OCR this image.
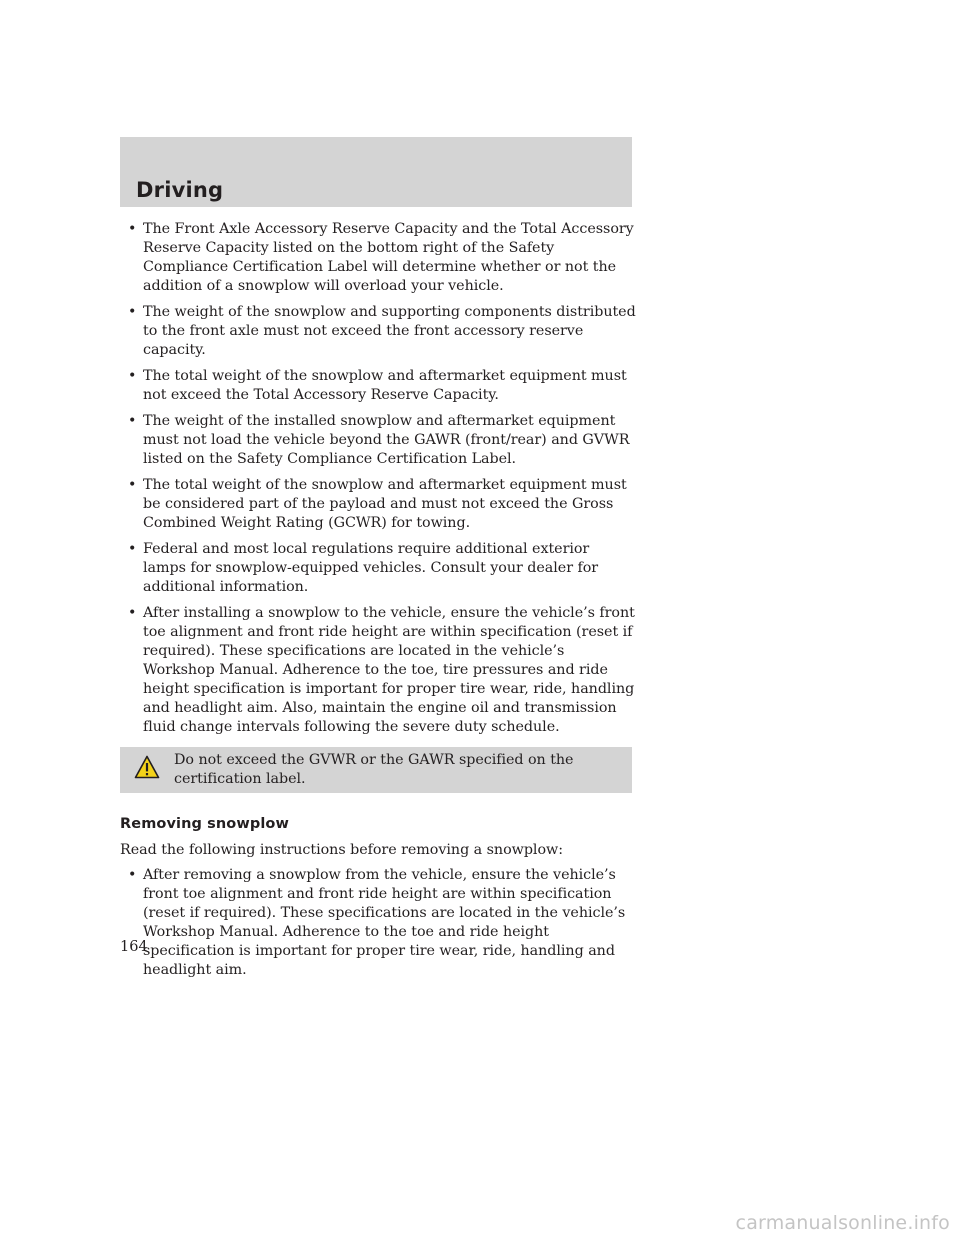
Driving
• The Front Axle Accessory Reserve Capacity and the Total Accessory Reserve Capacity listed on the bottom right of the Safety Compliance Certification Label will determine whether or not the addition of a snowplow will overload your vehicle.
• The weight of the snowplow and supporting components distributed to the front axle must not exceed the front accessory reserve capacity.
• The total weight of the snowplow and aftermarket equipment must not exceed the Total Accessory Reserve Capacity.
• The weight of the installed snowplow and aftermarket equipment must not load the vehicle beyond the GAWR (front/rear) and GVWR listed on the Safety Compliance Certification Label.
• The total weight of the snowplow and aftermarket equipment must be considered part of the payload and must not exceed the Gross Combined Weight Rating (GCWR) for towing.
• Federal and most local regulations require additional exterior lamps for snowplow-equipped vehicles. Consult your dealer for additional information.
• After installing a snowplow to the vehicle, ensure the vehicle’s front toe alignment and front ride height are within specification (reset if required). These specifications are located in the vehicle’s Workshop Manual. Adherence to the toe, tire pressures and ride height specification is important for proper tire wear, ride, handling and headlight aim. Also, maintain the engine oil and transmission fluid change intervals following the severe duty schedule.
Do not exceed the GVWR or the GAWR specified on the certification label.
Removing snowplow

Read the following instructions before removing a snowplow:

• After removing a snowplow from the vehicle, ensure the vehicle’s front toe alignment and front ride height are within specification (reset if required). These specifications are located in the vehicle’s Workshop Manual. Adherence to the toe and ride height specification is important for proper tire wear, ride, handling and headlight aim.
164
carmanualsonline.info
